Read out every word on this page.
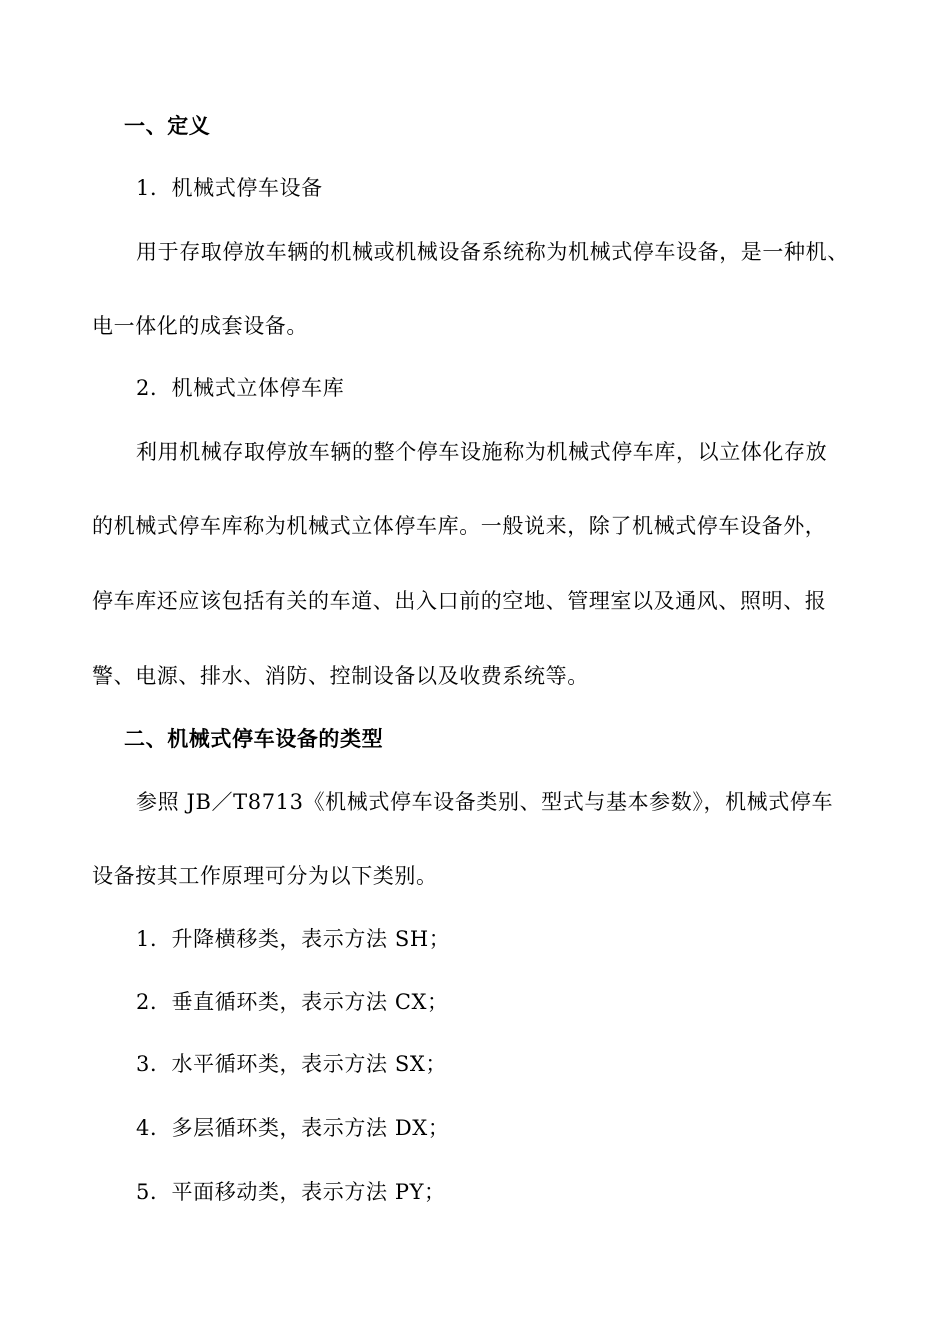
一、定义
1．机械式停车设备
用于存取停放车辆的机械或机械设备系统称为机械式停车设备，是一种机、
电一体化的成套设备。
2．机械式立体停车库
利用机械存取停放车辆的整个停车设施称为机械式停车库，以立体化存放
的机械式停车库称为机械式立体停车库。一般说来，除了机械式停车设备外，
停车库还应该包括有关的车道、出入口前的空地、管理室以及通风、照明、报
警、电源、排水、消防、控制设备以及收费系统等。
二、机械式停车设备的类型
参照 JB／T8713《机械式停车设备类别、型式与基本参数》，机械式停车
设备按其工作原理可分为以下类别。
1．升降横移类，表示方法 SH；
2．垂直循环类，表示方法 CX；
3．水平循环类，表示方法 SX；
4．多层循环类，表示方法 DX；
5．平面移动类，表示方法 PY；
